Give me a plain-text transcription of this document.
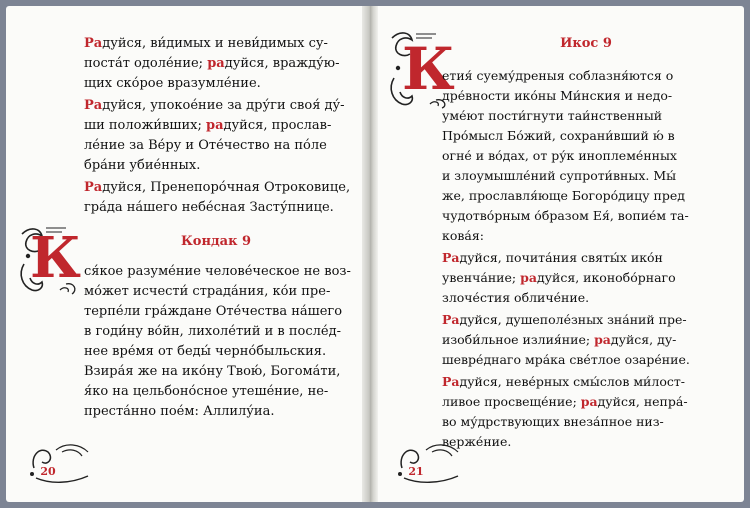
Радуйся, ви́димых и неви́димых су-
поста́т одоле́ние; радуйся, вражду́ю-
щих ско́рое вразумле́ние.
Радуйся, упокое́ние за дру́ги своя́ ду́-
ши положи́вших; радуйся, прослав-
ле́ние за Ве́ру и Оте́чество на по́ле
бра́ни убие́нных.
Радуйся, Пренепоро́чная Отроковице,
гра́да на́шего небе́сная Засту́пнице.
Кондак 9
К ся́кое разуме́ние челове́ческое не воз-
мо́жет исчести́ страда́ния, ко́и пре-
терпе́ли гра́ждане Оте́чества на́шего
в годи́ну во́йн, лихоле́тий и в после́д-
нее вре́мя от беды́ черно́быльския.
Взира́я же на ико́ну Твою́, Богома́ти,
я́ко на цельбоно́сное утеше́ние, не-
преста́нно пое́м: Аллилу́иа.
20
Икос 9
К
етия́ суему́дреныя соблазня́ются о
дре́вности ико́ны Ми́нския и недо-
уме́ют пости́гнути таи́нственный
Про́мысл Бо́жий, сохрани́вший ю́ в
огне́ и во́дах, от ру́к иноплеме́нных
и злоумышле́ний супроти́вных. Мы́
же, прославля́юще Богоро́дицу пред
чудотво́рным о́бразом Ея́, вопие́м та-
кова́я:
Радуйся, почита́ния святы́х ико́н
увенча́ние; радуйся, иконобо́рнаго
злоче́стия обличе́ние.
Радуйся, душеполе́зных зна́ний пре-
изоби́льное излия́ние; радуйся, ду-
шевре́днаго мра́ка све́тлое озаре́ние.
Радуйся, неве́рных смы́слов ми́лост-
ливое просвеще́ние; радуйся, непра́-
во му́дрствующих внеза́пное низ-
верже́ние.
21
